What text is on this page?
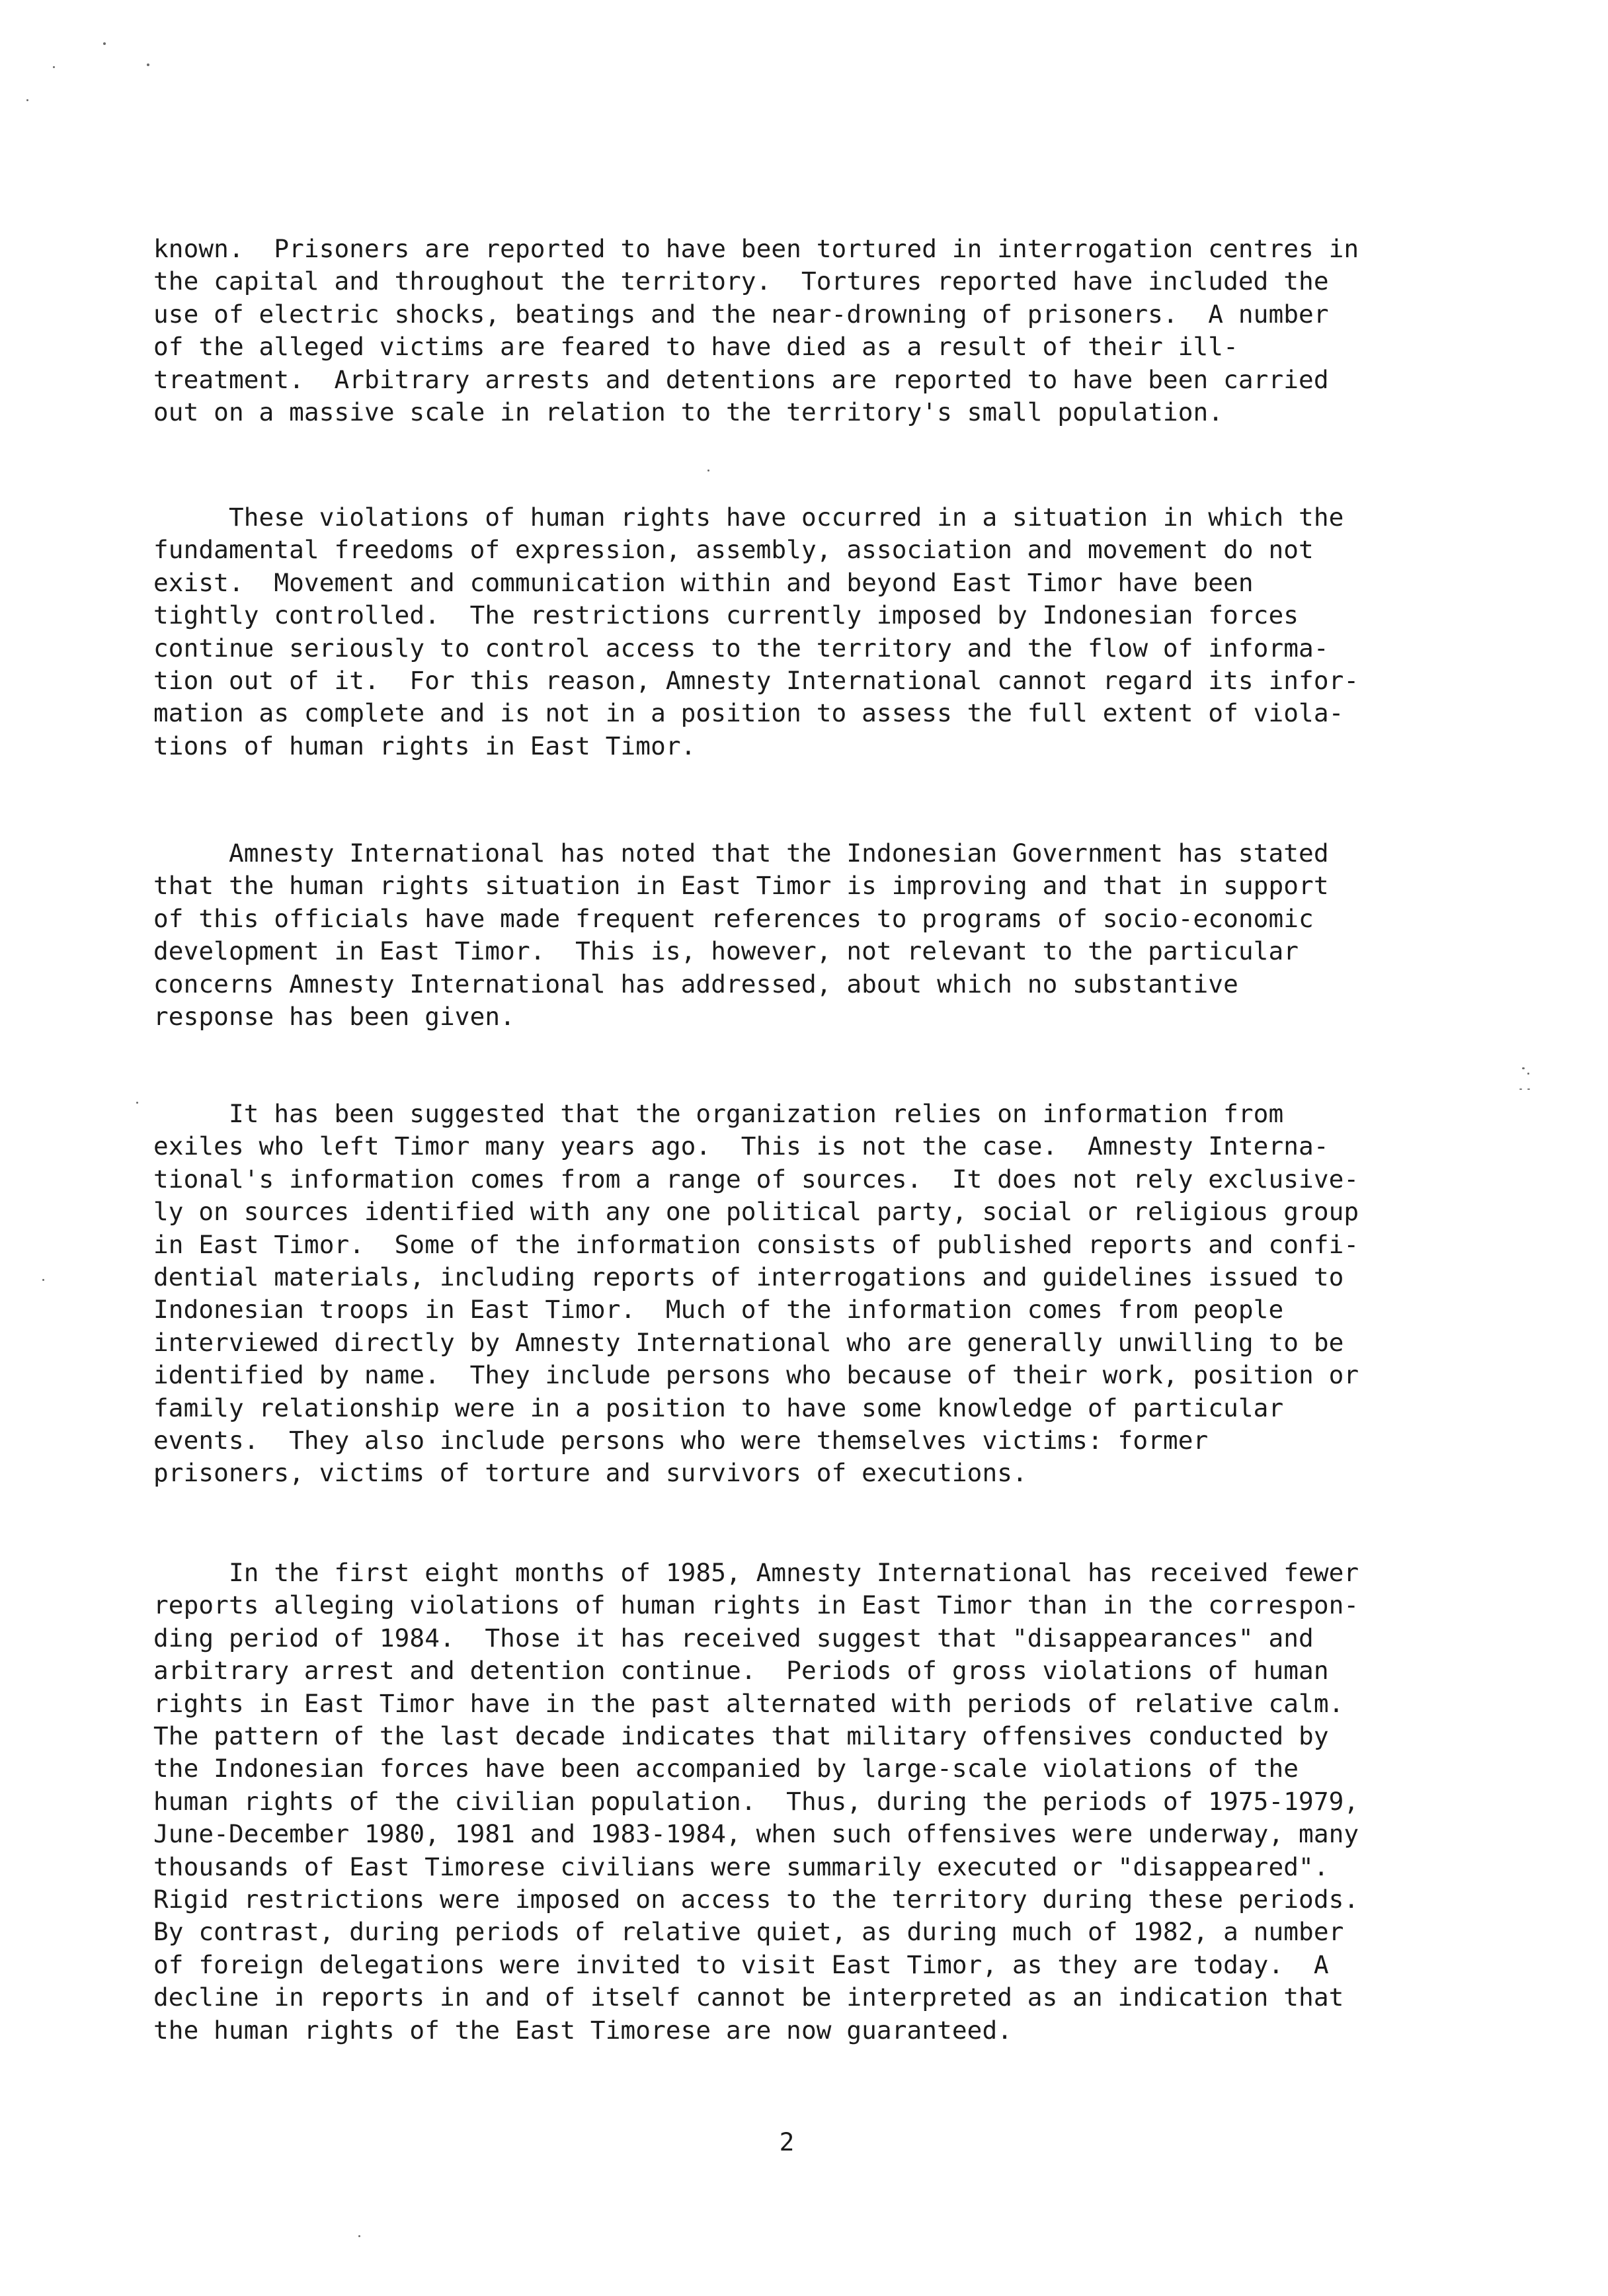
known.  Prisoners are reported to have been tortured in interrogation centres in
the capital and throughout the territory.  Tortures reported have included the
use of electric shocks, beatings and the near-drowning of prisoners.  A number
of the alleged victims are feared to have died as a result of their ill-
treatment.  Arbitrary arrests and detentions are reported to have been carried
out on a massive scale in relation to the territory's small population.

These violations of human rights have occurred in a situation in which the
fundamental freedoms of expression, assembly, association and movement do not
exist.  Movement and communication within and beyond East Timor have been
tightly controlled.  The restrictions currently imposed by Indonesian forces
continue seriously to control access to the territory and the flow of informa-
tion out of it.  For this reason, Amnesty International cannot regard its infor-
mation as complete and is not in a position to assess the full extent of viola-
tions of human rights in East Timor.

Amnesty International has noted that the Indonesian Government has stated
that the human rights situation in East Timor is improving and that in support
of this officials have made frequent references to programs of socio-economic
development in East Timor.  This is, however, not relevant to the particular
concerns Amnesty International has addressed, about which no substantive
response has been given.

It has been suggested that the organization relies on information from
exiles who left Timor many years ago.  This is not the case.  Amnesty Interna-
tional's information comes from a range of sources.  It does not rely exclusive-
ly on sources identified with any one political party, social or religious group
in East Timor.  Some of the information consists of published reports and confi-
dential materials, including reports of interrogations and guidelines issued to
Indonesian troops in East Timor.  Much of the information comes from people
interviewed directly by Amnesty International who are generally unwilling to be
identified by name.  They include persons who because of their work, position or
family relationship were in a position to have some knowledge of particular
events.  They also include persons who were themselves victims: former
prisoners, victims of torture and survivors of executions.

In the first eight months of 1985, Amnesty International has received fewer
reports alleging violations of human rights in East Timor than in the correspon-
ding period of 1984.  Those it has received suggest that "disappearances" and
arbitrary arrest and detention continue.  Periods of gross violations of human
rights in East Timor have in the past alternated with periods of relative calm.
The pattern of the last decade indicates that military offensives conducted by
the Indonesian forces have been accompanied by large-scale violations of the
human rights of the civilian population.  Thus, during the periods of 1975-1979,
June-December 1980, 1981 and 1983-1984, when such offensives were underway, many
thousands of East Timorese civilians were summarily executed or "disappeared".
Rigid restrictions were imposed on access to the territory during these periods.
By contrast, during periods of relative quiet, as during much of 1982, a number
of foreign delegations were invited to visit East Timor, as they are today.  A
decline in reports in and of itself cannot be interpreted as an indication that
the human rights of the East Timorese are now guaranteed.

2
